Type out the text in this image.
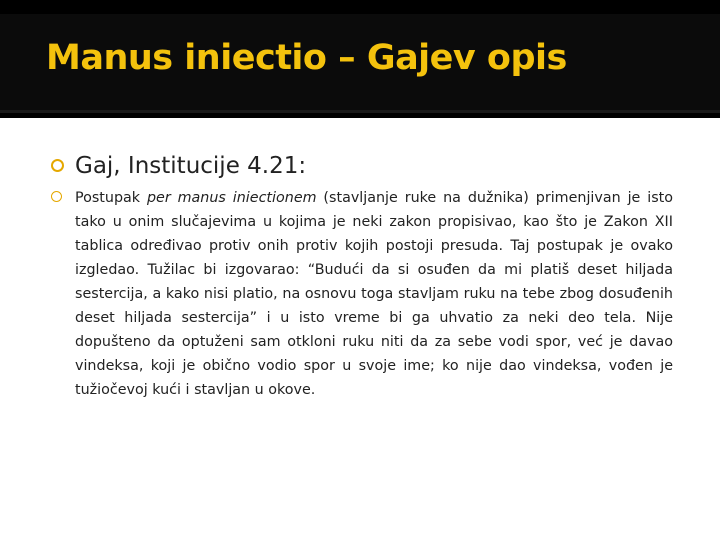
Manus iniectio – Gajev opis
Gaj, Institucije 4.21:

Postupak per manus iniectionem (stavljanje ruke na dužnika) primenjivan je isto tako u onim slučajevima u kojima je neki zakon propisivao, kao što je Zakon XII tablica određivao protiv onih protiv kojih postoji presuda. Taj postupak je ovako izgledao. Tužilac bi izgovarao: “Budući da si osuđen da mi platiš deset hiljada sestercija, a kako nisi platio, na osnovu toga stavljam ruku na tebe zbog dosuđenih deset hiljada sestercija” i u isto vreme bi ga uhvatio za neki deo tela. Nije dopušteno da optuženi sam otkloni ruku niti da za sebe vodi spor, već je davao vindeksa, koji je obično vodio spor u svoje ime; ko nije dao vindeksa, vođen je tužiočevoj kući i stavljan u okove.
